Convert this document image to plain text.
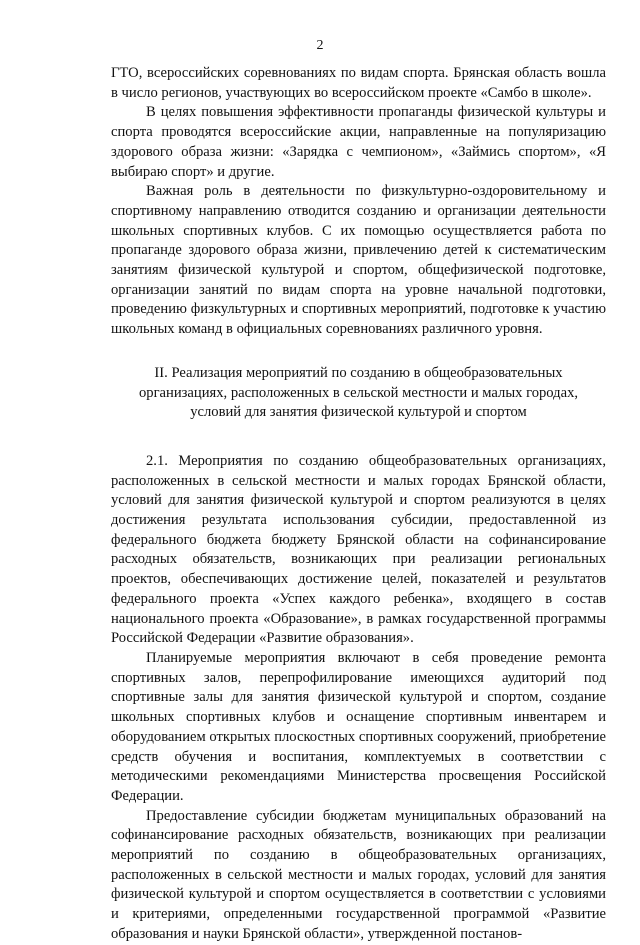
2

ГТО, всероссийских соревнованиях по видам спорта. Брянская область вошла в число регионов, участвующих во всероссийском проекте «Самбо в школе».

В целях повышения эффективности пропаганды физической культуры и спорта проводятся всероссийские акции, направленные на популяризацию здорового образа жизни: «Зарядка с чемпионом», «Займись спортом», «Я выбираю спорт» и другие.

Важная роль в деятельности по физкультурно-оздоровительному и спортивному направлению отводится созданию и организации деятельности школьных спортивных клубов. С их помощью осуществляется работа по пропаганде здорового образа жизни, привлечению детей к систематическим занятиям физической культурой и спортом, общефизической подготовке, организации занятий по видам спорта на уровне начальной подготовки, проведению физкультурных и спортивных мероприятий, подготовке к участию школьных команд в официальных соревнованиях различного уровня.

II. Реализация мероприятий по созданию в общеобразовательных
организациях, расположенных в сельской местности и малых городах,
условий для занятия физической культурой и спортом

2.1. Мероприятия по созданию общеобразовательных организациях, расположенных в сельской местности и малых городах Брянской области, условий для занятия физической культурой и спортом реализуются в целях достижения результата использования субсидии, предоставленной из федерального бюджета бюджету Брянской области на софинансирование расходных обязательств, возникающих при реализации региональных проектов, обеспечивающих достижение целей, показателей и результатов федерального проекта «Успех каждого ребенка», входящего в состав национального проекта «Образование», в рамках государственной программы Российской Федерации «Развитие образования».

Планируемые мероприятия включают в себя проведение ремонта спортивных залов, перепрофилирование имеющихся аудиторий под спортивные залы для занятия физической культурой и спортом, создание школьных спортивных клубов и оснащение спортивным инвентарем и оборудованием открытых плоскостных спортивных сооружений, приобретение средств обучения и воспитания, комплектуемых в соответствии с методическими рекомендациями Министерства просвещения Российской Федерации.

Предоставление субсидии бюджетам муниципальных образований на софинансирование расходных обязательств, возникающих при реализации мероприятий по созданию в общеобразовательных организациях, расположенных в сельской местности и малых городах, условий для занятия физической культурой и спортом осуществляется в соответствии с условиями и критериями, определенными государственной программой «Развитие образования и науки Брянской области», утвержденной постанов-
